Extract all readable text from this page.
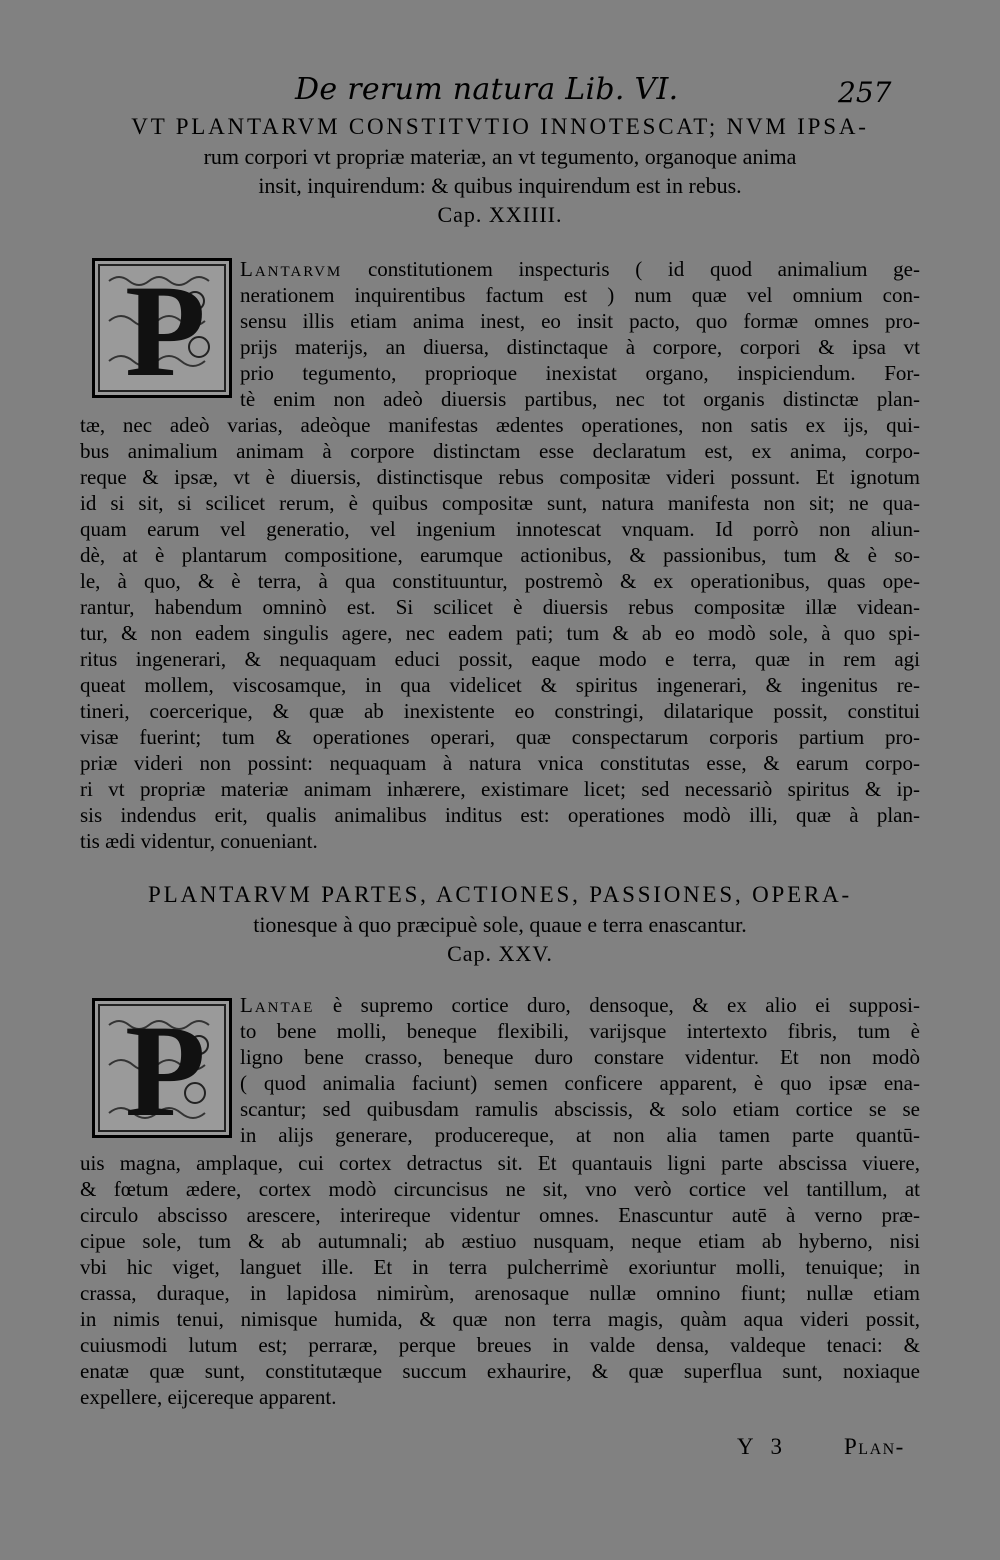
De rerum natura Lib. VI.	257
VT PLANTARVM CONSTITVTIO INNOTESCAT; NVM IPSA-
rum corpori vt propriæ materiæ, an vt tegumento, organoque anima
insit, inquirendum: & quibus inquirendum est in rebus.
Cap. XXIIII.
P Lantarvm constitutionem inspecturis ( id quod animalium ge-
nerationem inquirentibus factum est ) num quæ vel omnium con-
sensu illis etiam anima inest, eo insit pacto, quo formæ omnes pro-
prijs materijs, an diuersa, distinctaque à corpore, corpori & ipsa vt
prio tegumento, proprioque inexistat organo, inspiciendum. For-
tè enim non adeò diuersis partibus, nec tot organis distinctæ plan-
tæ, nec adeò varias, adeòque manifestas ædentes operationes, non satis ex ijs, qui-
bus animalium animam à corpore distinctam esse declaratum est, ex anima, corpo-
reque & ipsæ, vt è diuersis, distinctisque rebus compositæ videri possunt. Et ignotum
id si sit, si scilicet rerum, è quibus compositæ sunt, natura manifesta non sit; ne qua-
quam earum vel generatio, vel ingenium innotescat vnquam. Id porrò non aliun-
dè, at è plantarum compositione, earumque actionibus, & passionibus, tum & è so-
le, à quo, & è terra, à qua constituuntur, postremò & ex operationibus, quas ope-
rantur, habendum omninò est. Si scilicet è diuersis rebus compositæ illæ videan-
tur, & non eadem singulis agere, nec eadem pati; tum & ab eo modò sole, à quo spi-
ritus ingenerari, & nequaquam educi possit, eaque modo e terra, quæ in rem agi
queat mollem, viscosamque, in qua videlicet & spiritus ingenerari, & ingenitus re-
tineri, coercerique, & quæ ab inexistente eo constringi, dilatarique possit, constitui
visæ fuerint; tum & operationes operari, quæ conspectarum corporis partium pro-
priæ videri non possint: nequaquam à natura vnica constitutas esse, & earum corpo-
ri vt propriæ materiæ animam inhærere, existimare licet; sed necessariò spiritus & ip-
sis indendus erit, qualis animalibus inditus est: operationes modò illi, quæ à plan-
tis ædi videntur, conueniant.
PLANTARVM PARTES, ACTIONES, PASSIONES, OPERA-
tionesque à quo præcipuè sole, quaue e terra enascantur.
Cap. XXV.
P Lantae è supremo cortice duro, densoque, & ex alio ei supposi-
to bene molli, beneque flexibili, varijsque intertexto fibris, tum è
ligno bene crasso, beneque duro constare videntur. Et non modò
( quod animalia faciunt) semen conficere apparent, è quo ipsæ ena-
scantur; sed quibusdam ramulis abscissis, & solo etiam cortice se se
in alijs generare, producereque, at non alia tamen parte quantū-
uis magna, amplaque, cui cortex detractus sit. Et quantauis ligni parte abscissa viuere,
& fœtum ædere, cortex modò circuncisus ne sit, vno verò cortice vel tantillum, at
circulo abscisso arescere, interireque videntur omnes. Enascuntur autē à verno præ-
cipue sole, tum & ab autumnali; ab æstiuo nusquam, neque etiam ab hyberno, nisi
vbi hic viget, languet ille. Et in terra pulcherrimè exoriuntur molli, tenuique; in
crassa, duraque, in lapidosa nimirùm, arenosaque nullæ omnino fiunt; nullæ etiam
in nimis tenui, nimisque humida, & quæ non terra magis, quàm aqua videri possit,
cuiusmodi lutum est; perraræ, perque breues in valde densa, valdeque tenaci: &
enatæ quæ sunt, constitutæque succum exhaurire, & quæ superflua sunt, noxiaque
expellere, eijcereque apparent.
Y 3 Plan-
